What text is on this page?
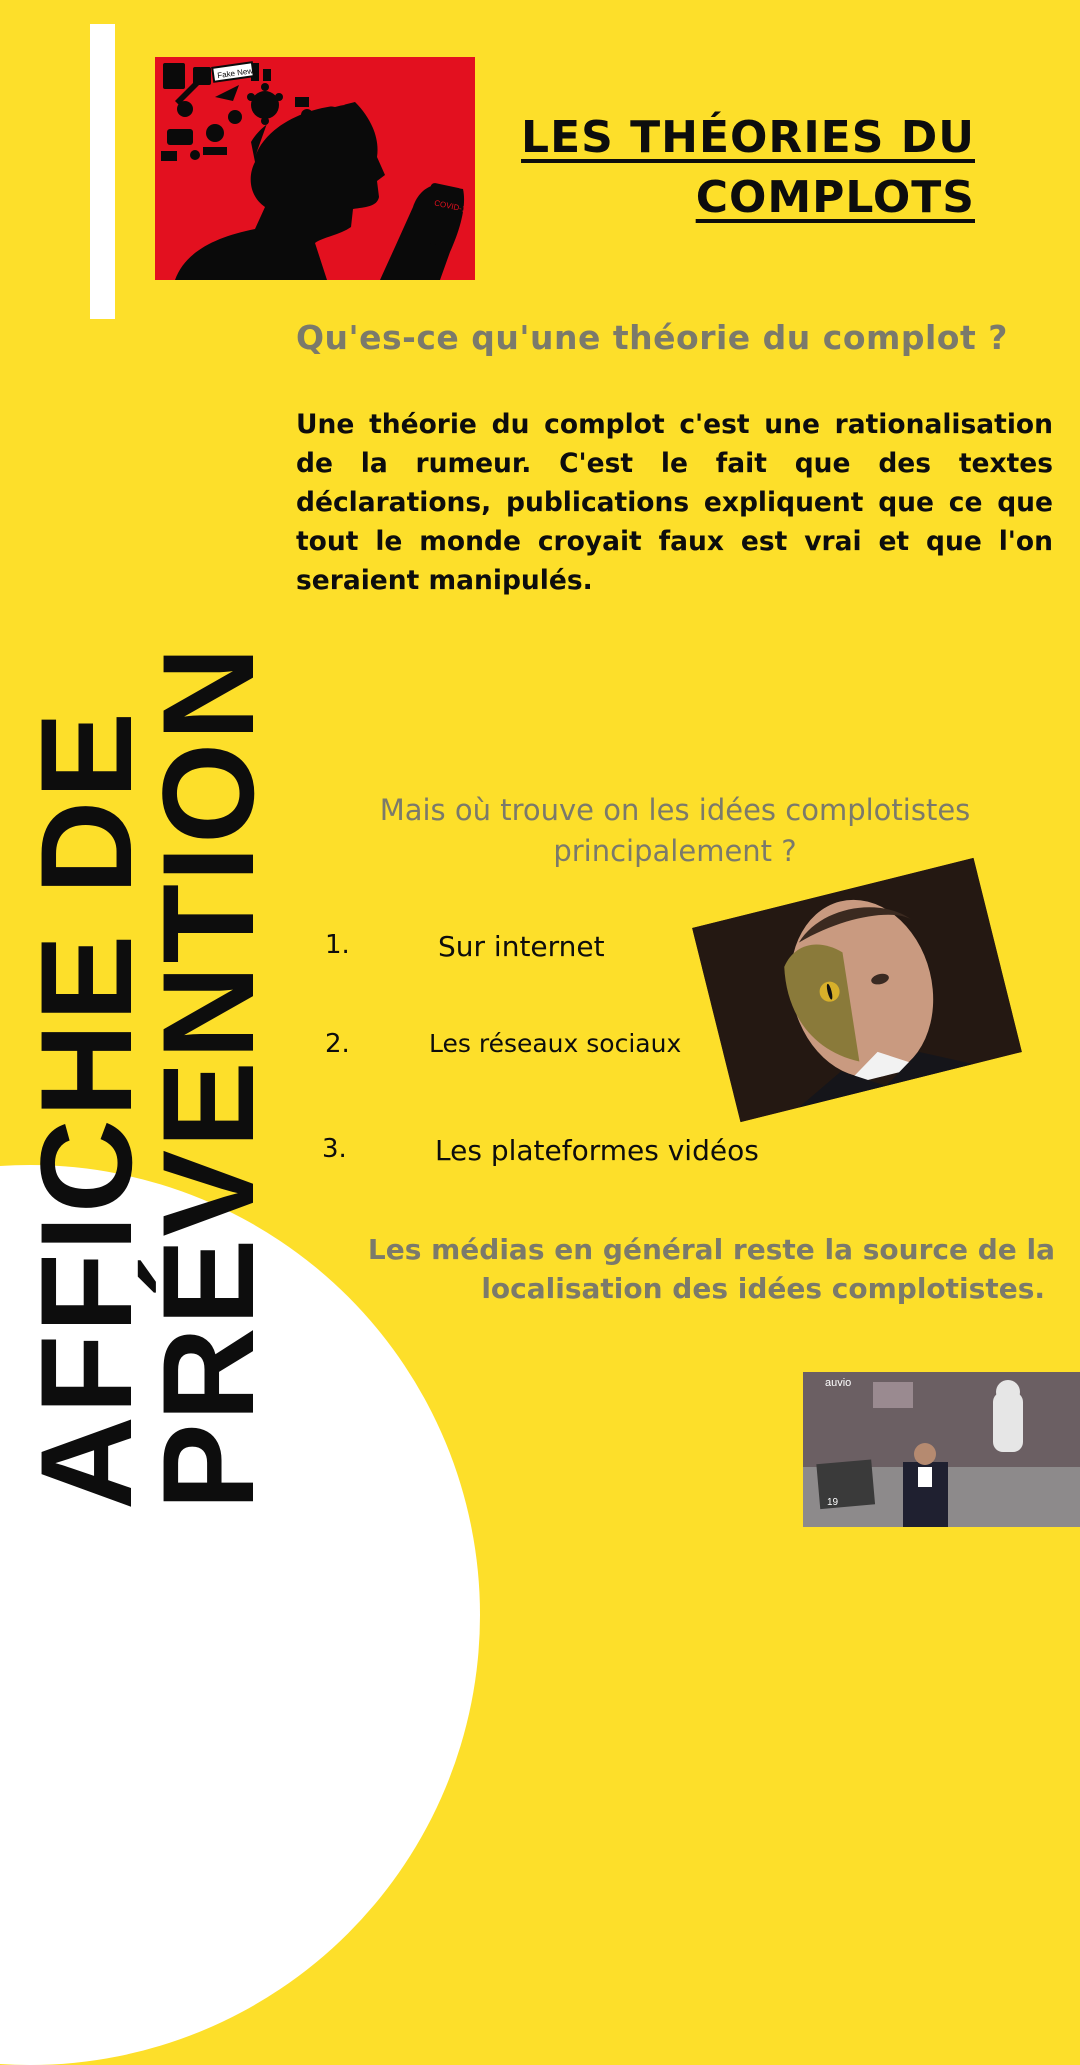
COVID-19
Fake News
LES THÉORIES DU
COMPLOTS
Qu'es-ce qu'une théorie du complot ?
Une théorie du complot c'est une rationalisation de la rumeur. C'est le fait que des textes déclarations, publications expliquent que ce que tout le monde croyait faux est vrai et que l'on seraient manipulés.
AFFICHE DE
PRÉVENTION	Mais où trouve on les idées complotistes
principalement ?
1.	Sur internet
2.	Les réseaux sociaux
3.	Les plateformes vidéos
Les médias en général reste la source de la
localisation des idées complotistes.
auvio
19
